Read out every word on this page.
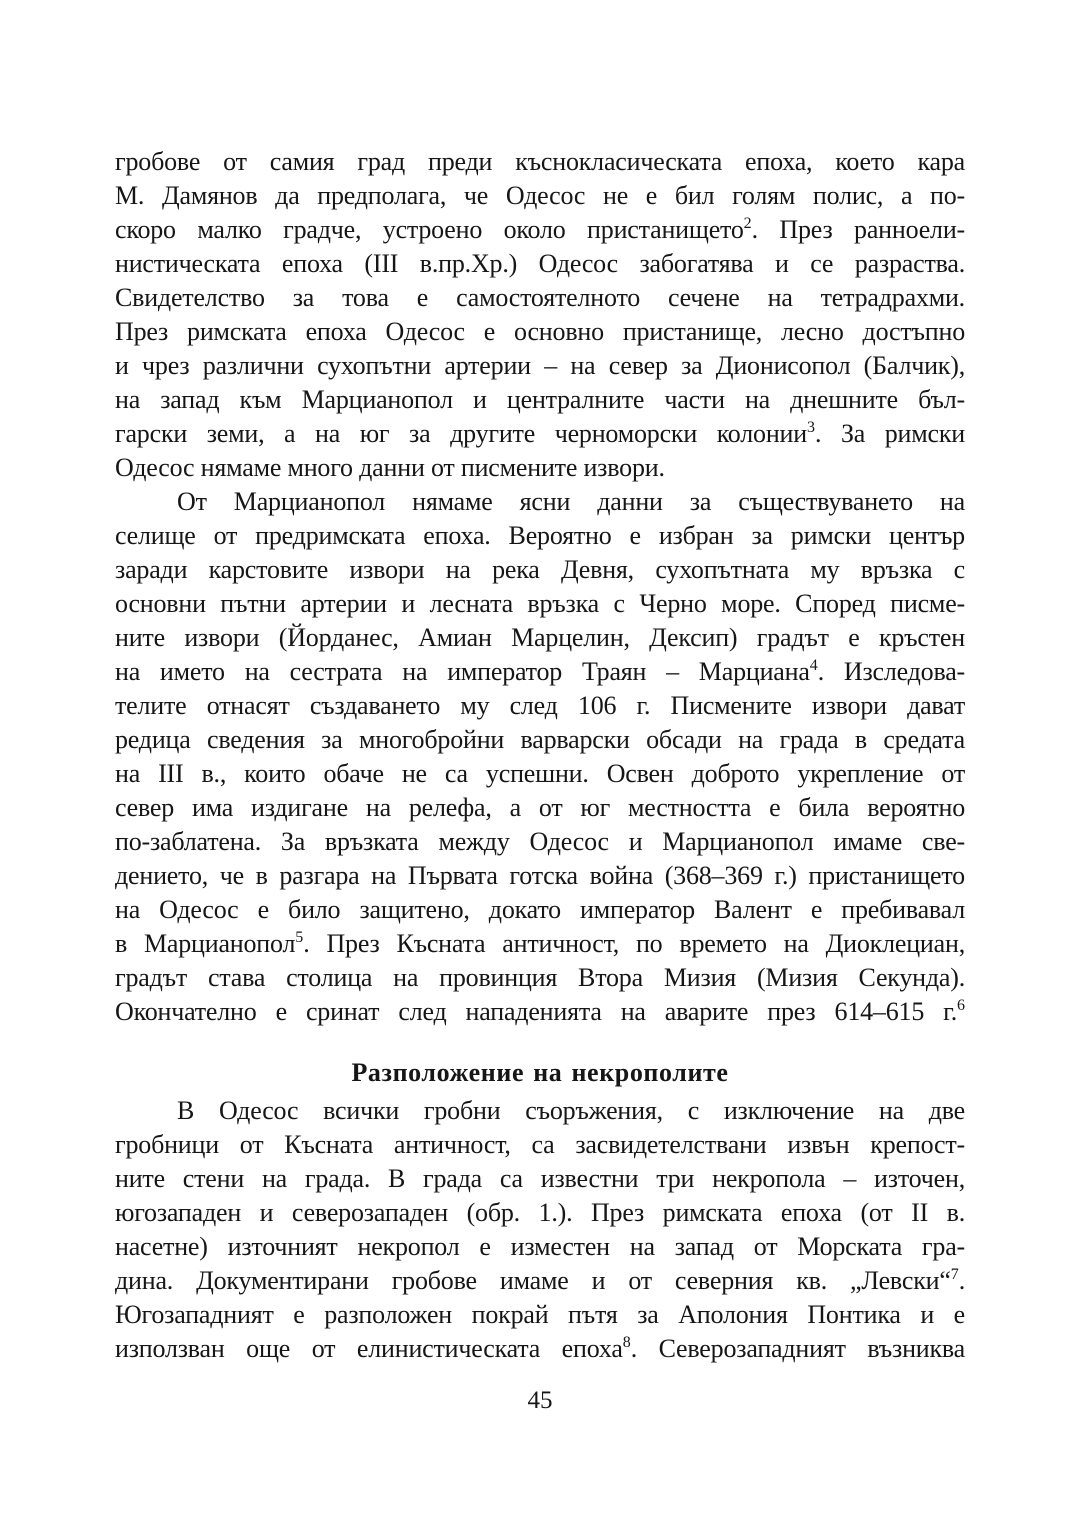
гробове от самия град преди къснокласическата епоха, което кара
М. Дамянов да предполага, че Одесос не е бил голям полис, а по-
скоро малко градче, устроено около пристанището$^2$. През ранноели-
нистическата епоха (III в.пр.Хр.) Одесос забогатява и се разраства.
Свидетелство за това е самостоятелното сечене на тетрадрахми.
През римската епоха Одесос е основно пристанище, лесно достъпно
и чрез различни сухопътни артерии – на север за Дионисопол (Балчик),
на запад към Марцианопол и централните части на днешните бъл-
гарски земи, а на юг за другите черноморски колонии$^3$. За римски
Одесос нямаме много данни от писмените извори.
От Марцианопол нямаме ясни данни за съществуването на
селище от предримската епоха. Вероятно е избран за римски център
заради карстовите извори на река Девня, сухопътната му връзка с
основни пътни артерии и лесната връзка с Черно море. Според писме-
ните извори (Йорданес, Амиан Марцелин, Дексип) градът е кръстен
на името на сестрата на император Траян – Марциана$^4$. Изследова-
телите отнасят създаването му след 106 г. Писмените извори дават
редица сведения за многобройни варварски обсади на града в средата
на III в., които обаче не са успешни. Освен доброто укрепление от
север има издигане на релефа, а от юг местността е била вероятно
по-заблатена. За връзката между Одесос и Марцианопол имаме све-
дението, че в разгара на Първата готска война (368–369 г.) пристанището
на Одесос е било защитено, докато император Валент е пребивавал
в Марцианопол$^5$. През Късната античност, по времето на Диоклециан,
градът става столица на провинция Втора Мизия (Мизия Секунда).
Окончателно е сринат след нападенията на аварите през 614–615 г.$^6$
Разположение на некрополите
В Одесос всички гробни съоръжения, с изключение на две
гробници от Късната античност, са засвидетелствани извън крепост-
ните стени на града. В града са известни три некропола – източен,
югозападен и северозападен (обр. 1.). През римската епоха (от II в.
насетне) източният некропол е изместен на запад от Морската гра-
дина. Документирани гробове имаме и от северния кв. „Левски“$^7$.
Югозападният е разположен покрай пътя за Аполония Понтика и е
използван още от елинистическата епоха$^8$. Северозападният възниква
45
